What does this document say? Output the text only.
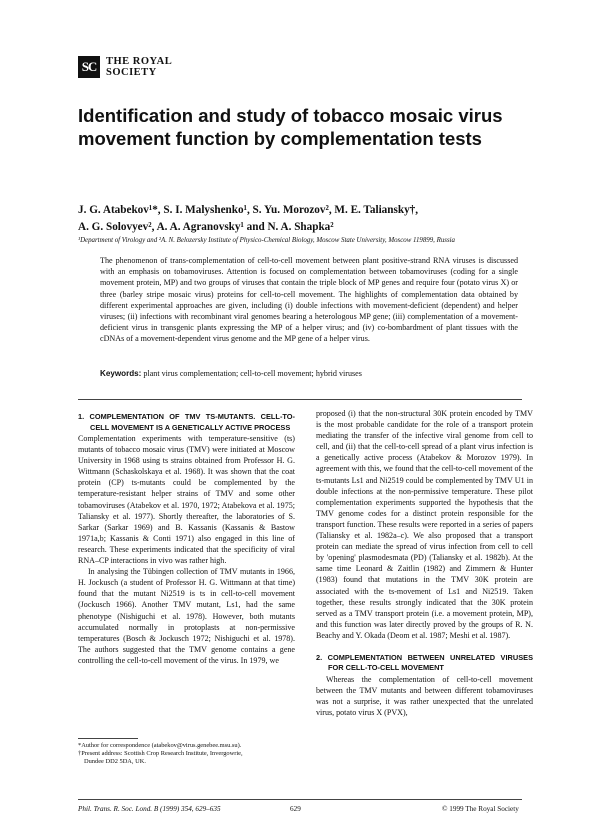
SC THE ROYAL
SOCIETY
Identification and study of tobacco mosaic virus movement function by complementation tests
J. G. Atabekov¹*, S. I. Malyshenko¹, S. Yu. Morozov², M. E. Taliansky†,
A. G. Solovyev², A. A. Agranovsky¹ and N. A. Shapka²
¹Department of Virology and ²A. N. Belozersky Institute of Physico-Chemical Biology, Moscow State University, Moscow 119899, Russia

The phenomenon of trans-complementation of cell-to-cell movement between plant positive-strand RNA viruses is discussed with an emphasis on tobamoviruses. Attention is focused on complementation between tobamoviruses (coding for a single movement protein, MP) and two groups of viruses that contain the triple block of MP genes and require four (potato virus X) or three (barley stripe mosaic virus) proteins for cell-to-cell movement. The highlights of complementation data obtained by different experimental approaches are given, including (i) double infections with movement-deficient (dependent) and helper viruses; (ii) infections with recombinant viral genomes bearing a heterologous MP gene; (iii) complementation of a movement-deficient virus in transgenic plants expressing the MP of a helper virus; and (iv) co-bombardment of plant tissues with the cDNAs of a movement-dependent virus genome and the MP gene of a helper virus.

Keywords: plant virus complementation; cell-to-cell movement; hybrid viruses

1. COMPLEMENTATION OF TMV TS-MUTANTS. CELL-TO-CELL MOVEMENT IS A GENETICALLY ACTIVE PROCESS

Complementation experiments with temperature-sensitive (ts) mutants of tobacco mosaic virus (TMV) were initiated at Moscow University in 1968 using ts strains obtained from Professor H. G. Wittmann (Schaskolskaya et al. 1968). It was shown that the coat protein (CP) ts-mutants could be complemented by the temperature-resistant helper strains of TMV and some other tobamoviruses (Atabekov et al. 1970, 1972; Atabekova et al. 1975; Taliansky et al. 1977). Shortly thereafter, the laboratories of S. Sarkar (Sarkar 1969) and B. Kassanis (Kassanis & Bastow 1971a,b; Kassanis & Conti 1971) also engaged in this line of research. These experiments indicated that the specificity of viral RNA–CP interactions in vivo was rather high.

In analysing the Tübingen collection of TMV mutants in 1966, H. Jockusch (a student of Professor H. G. Wittmann at that time) found that the mutant Ni2519 is ts in cell-to-cell movement (Jockusch 1966). Another TMV mutant, Ls1, had the same phenotype (Nishiguchi et al. 1978). However, both mutants accumulated normally in protoplasts at non-permissive temperatures (Bosch & Jockusch 1972; Nishiguchi et al. 1978). The authors suggested that the TMV genome contains a gene controlling the cell-to-cell movement of the virus. In 1979, we

proposed (i) that the non-structural 30K protein encoded by TMV is the most probable candidate for the role of a transport protein mediating the transfer of the infective viral genome from cell to cell, and (ii) that the cell-to-cell spread of a plant virus infection is a genetically active process (Atabekov & Morozov 1979). In agreement with this, we found that the cell-to-cell movement of the ts-mutants Ls1 and Ni2519 could be complemented by TMV U1 in double infections at the non-permissive temperature. These pilot complementation experiments supported the hypothesis that the TMV genome codes for a distinct protein responsible for the transport function. These results were reported in a series of papers (Taliansky et al. 1982a–c). We also proposed that a transport protein can mediate the spread of virus infection from cell to cell by 'opening' plasmodesmata (PD) (Taliansky et al. 1982b). At the same time Leonard & Zaitlin (1982) and Zimmern & Hunter (1983) found that mutations in the TMV 30K protein are associated with the ts-movement of Ls1 and Ni2519. Taken together, these results strongly indicated that the 30K protein served as a TMV transport protein (i.e. a movement protein, MP), and this function was later directly proved by the groups of R. N. Beachy and Y. Okada (Deom et al. 1987; Meshi et al. 1987).

2. COMPLEMENTATION BETWEEN UNRELATED VIRUSES FOR CELL-TO-CELL MOVEMENT

Whereas the complementation of cell-to-cell movement between the TMV mutants and between different tobamoviruses was not a surprise, it was rather unexpected that the unrelated virus, potato virus X (PVX),

*Author for correspondence (atabekov@virus.genebee.msu.su).
†Present address: Scottish Crop Research Institute, Invergowrie,
Dundee DD2 5DA, UK.
Phil. Trans. R. Soc. Lond. B (1999) 354, 629–635	629	© 1999 The Royal Society
